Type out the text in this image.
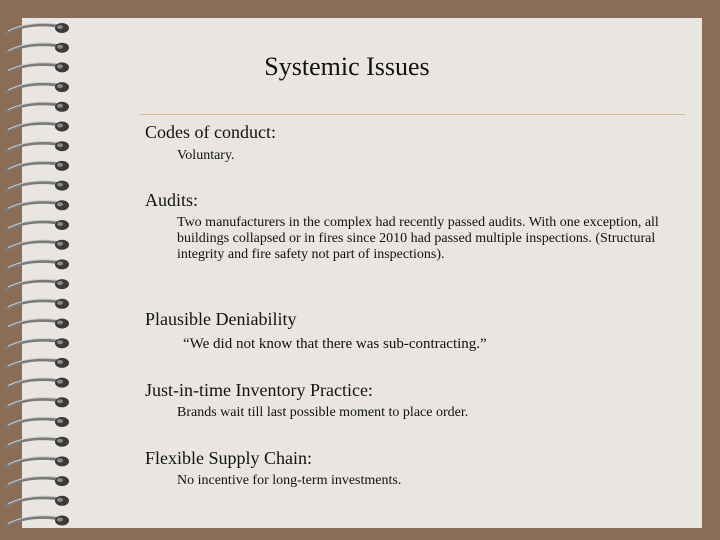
Systemic Issues
Codes of conduct:
Voluntary.
Audits:
Two manufacturers in the complex had recently passed audits. With one exception, all buildings collapsed or in fires since 2010 had passed multiple inspections. (Structural integrity and fire safety not part of inspections).
Plausible Deniability
“We did not know that there was sub-contracting.”
Just-in-time Inventory Practice:
Brands wait till last possible moment to place order.
Flexible Supply Chain:
No incentive for long-term investments.
